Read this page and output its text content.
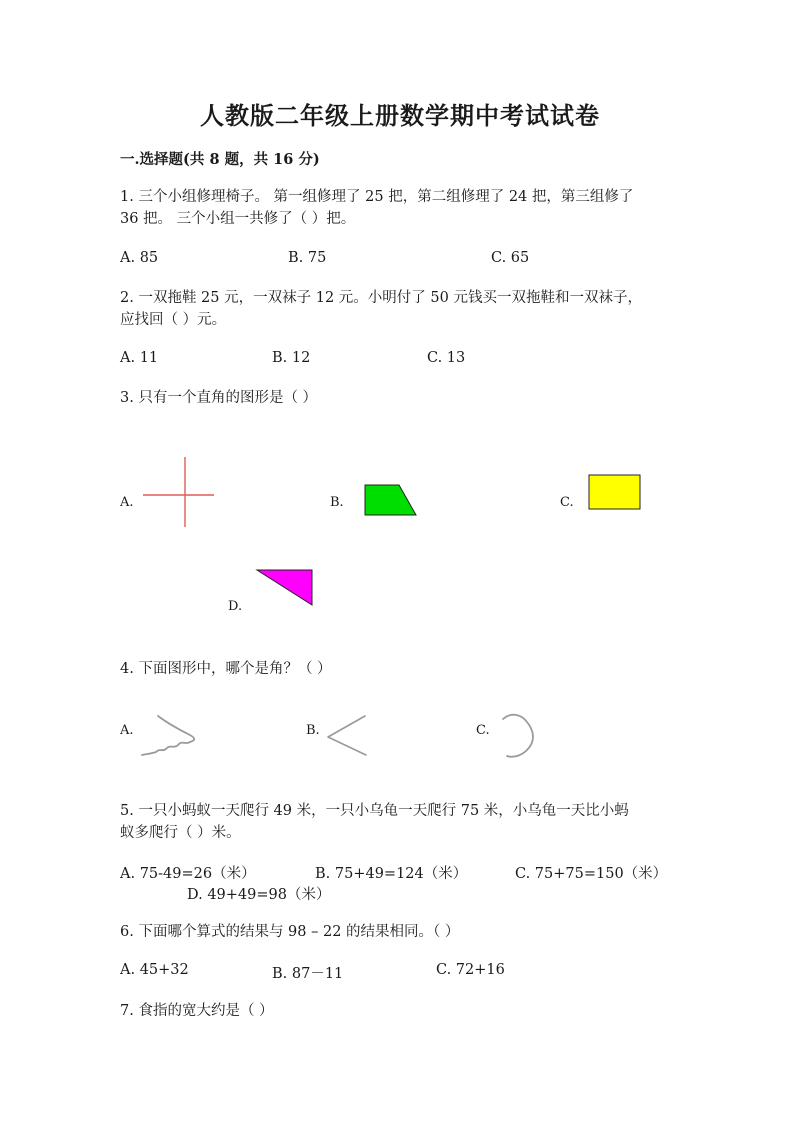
人教版二年级上册数学期中考试试卷
一.选择题(共 8 题，共 16 分)
1. 三个小组修理椅子。 第一组修理了 25 把，第二组修理了 24 把，第三组修了
36 把。 三个小组一共修了（ ）把。
A. 85	B. 75	C. 65
2. 一双拖鞋 25 元，一双袜子 12 元。小明付了 50 元钱买一双拖鞋和一双袜子，
应找回（ ）元。
A. 11	B. 12	C. 13
3. 只有一个直角的图形是（ ）
A.	B.	C.
D.
4. 下面图形中，哪个是角？（ ）
A.	B.	C.
5. 一只小蚂蚁一天爬行 49 米，一只小乌龟一天爬行 75 米，小乌龟一天比小蚂
蚁多爬行（ ）米。
A. 75-49=26（米）	B. 75+49=124（米）	C. 75+75=150（米）
D. 49+49=98（米）
6. 下面哪个算式的结果与 98 – 22 的结果相同。（ ）
A. 45+32	B. 87－11	C. 72+16
7. 食指的宽大约是（ ）
